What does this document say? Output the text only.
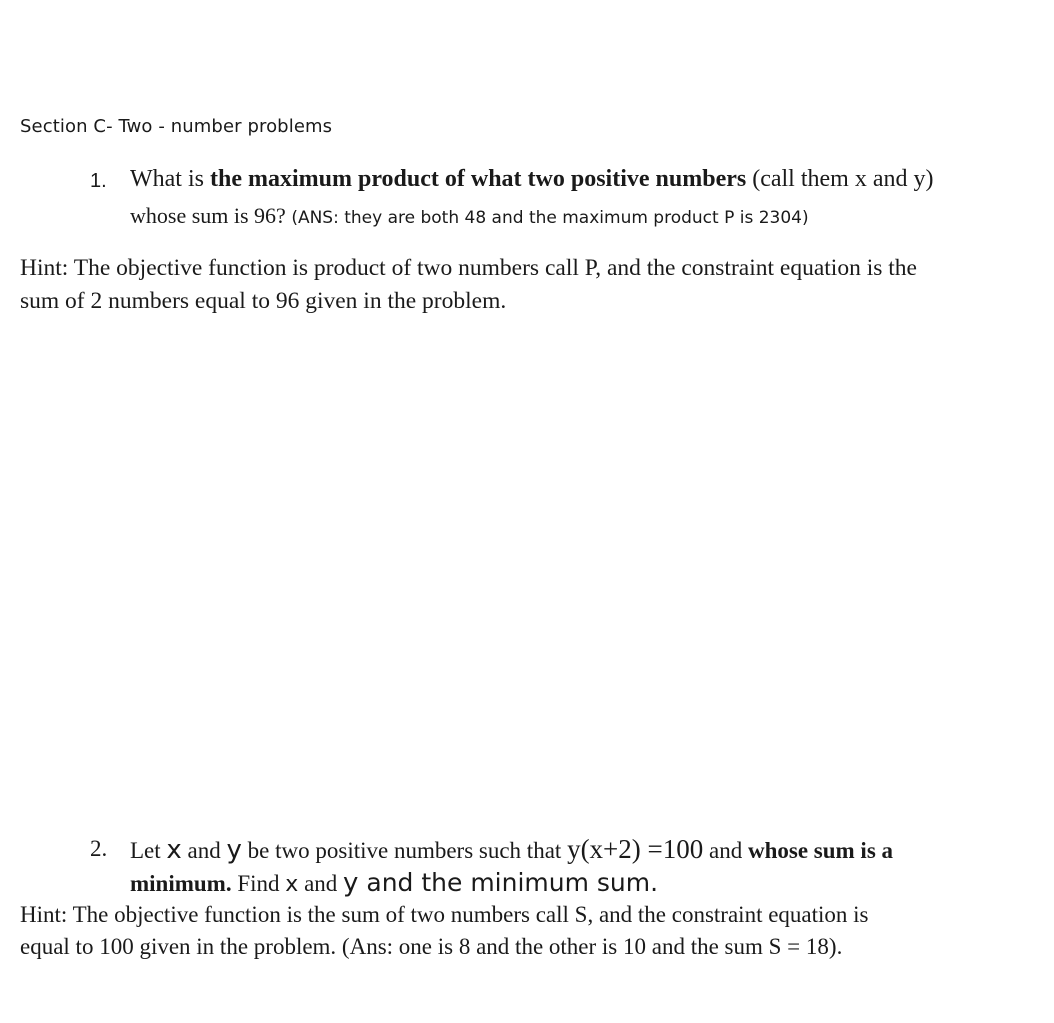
Section C- Two - number problems
1. What is the maximum product of what two positive numbers (call them x and y)
whose sum is 96? (ANS: they are both 48 and the maximum product P is 2304)
Hint: The objective function is product of two numbers call P, and the constraint equation is the
sum of 2 numbers equal to 96 given in the problem.
2. Let x and y be two positive numbers such that y(x+2) =100 and whose sum is a
minimum. Find x and y and the minimum sum.
Hint: The objective function is the sum of two numbers call S, and the constraint equation is
equal to 100 given in the problem. (Ans: one is 8 and the other is 10 and the sum S = 18).
